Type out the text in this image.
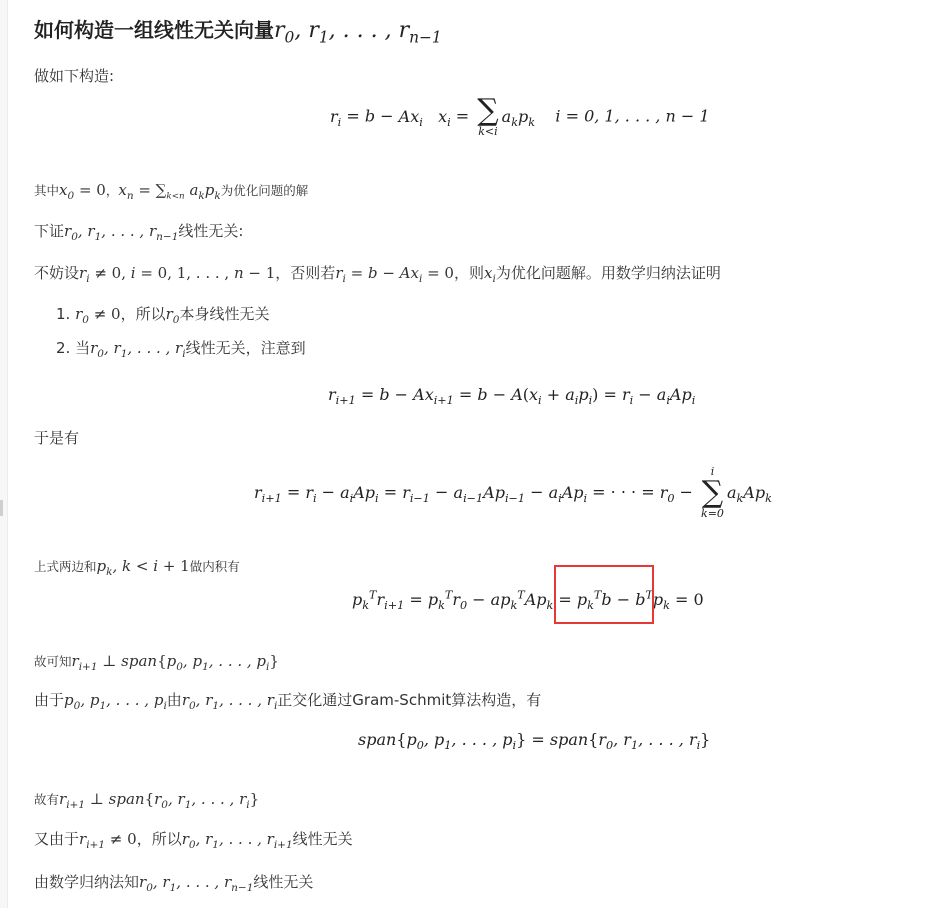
如何构造一组线性无关向量$r_0$, $r_1$, . . . , $r_{n-1}$
做如下构造:
$r_i = b - Ax_i$ $x_i$ = ∑
k<i
$a_kp_k$ i = 0, 1, . . . , n − 1
其中$x_0 = 0$，$x_n = \sum_{k<n}$ $a_kp_k$为优化问题的解
下证$r_0$, $r_1$, . . . , $r_{n-1}$线性无关:
不妨设$r_i \ne 0$, i = 0, 1, . . . , n − 1，否则若$r_i = b - Ax_i = 0$，则$x_i$为优化问题解。用数学归纳法证明
1. $r_0 \ne 0$，所以$r_0$本身线性无关
2. 当$r_0$, $r_1$, . . . , $r_i$线性无关，注意到
$r_{i+1} = b - Ax_{i+1} = b - A(x_i + a_ip_i) = r_i - a_iAp_i$
于是有
$r_{i+1} = r_i - a_iAp_i = r_{i-1} - a_{i-1}Ap_{i-1} - a_iAp_i$ = · · · = $r_0$ −
i
∑
k=0
$a_kAp_k$
上式两边和$p_k$, k < i + 1做内积有
$p_k^Tr_{i+1} = p_k^Tr_0 - ap_k^TAp_k = p_k^Tb - b^Tp_k = 0$
故可知$r_{i+1}$ ⊥ $span\{p_0$, $p_1$, . . . , $p_i$}
由于$p_0$, $p_1$, . . . , $p_i$由$r_0$, $r_1$, . . . , $r_i$正交化通过Gram-Schmit算法构造，有
$span\{p_0$, $p_1$, . . . , $p_i$} = $span\{r_0$, $r_1$, . . . , $r_i$}
故有$r_{i+1}$ ⊥ $span\{r_0$, $r_1$, . . . , $r_i$}
又由于$r_{i+1} \ne 0$，所以$r_0$, $r_1$, . . . , $r_{i+1}$线性无关
由数学归纳法知$r_0$, $r_1$, . . . , $r_{n-1}$线性无关
